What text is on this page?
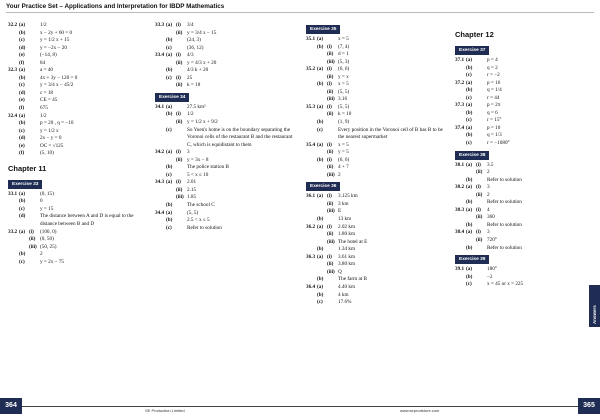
Your Practice Set – Applications and Interpretation for IBDP Mathematics
32.2 (a)	1/2
(b)	x − 2y + 60 = 0
(c)	y = 1/2 x + 15
(d)	y = −2x − 20
(e)	(−14, 8)
(f)	84
32.3 (a)	a = 40
(b)	4x + 3y − 120 = 0
(c)	y = 3/4 x − 45/2
(d)	c = 18
(e)	CE = 45
(f)	675
32.4 (a)	1/2
(b)	p = 20 , q = −10
(c)	y = 1/2 x
(d)	2x − y = 0
(e)	OC = √125
(f)	(5, 10)
Chapter 11
Exercise 33
33.1 (a)	(0, 15)
(b)	0
(c)	y = 15
(d)	The distance between A and D is equal to the distance between B and D
33.2 (a) (i)	(100, 0)
(ii) (0, 50)
(iii) (50, 25)
(b)	2
(c)	y = 2x − 75
33.3 (a) (i)	3/4
(ii) y = 3/4 x − 15
(b)	(24, 3)
(c)	(36, 12)
33.4 (a) (i)	4/3
(ii) y = 4/3 x + 20
(b)	4/3 k + 20
(c) (i)	25
(ii) k = 18
Exercise 34
34.1 (a)	27.5 km²
(b) (i)	1/2
(ii) y = 1/2 x + 9/2
(c)	So Yuen's home is on the boundary separating the Voronoi cells of the restaurant B and the restaurant C, which is equidistant to them
34.2 (a) (i)	3
(ii) y = 3x − 8
(b)	The police station B
(c)	5 < x ≤ 10
34.3 (a) (i)	2.01
(ii) 2.15
(iii) 1.85
(b)	The school C
34.4 (a)	(5, 5)
(b)	2.5 < x ≤ 5
(c)	Refer to solution
Exercise 35
35.1 (a)	x = 5
(b) (i)	(7, 4)
(ii) d = 1
(iii) (5, 3)
35.2 (a) (i)	(6, 6)
(ii) y = x
(b) (i)	x = 5
(ii) (5, 5)
(iii) 3.16
35.3 (a) (i)	(5, 5)
(ii) k = 10
(b)	(1, 9)
(c)	Every position in the Voronoi cell of B has B to be the nearest supermarket
35.4 (a) (i)	x = 5
(ii) y = 5
(b) (i)	(6, 6)
(ii) 4 + 7
(iii) 2
Exercise 36
36.1 (a) (i)	3.125 km
(ii) 3 km
(iii) E
(b)	13 km
36.2 (a) (i)	2.02 km
(ii) 1.80 km
(iii) The hotel at E
(b)	1.34 km
36.3 (a) (i)	3.61 km
(ii) 3.80 km
(iii) Q
(b)	The farm at B
36.4 (a)	4.40 km
(b)	4 km
(c)	17.6%
Chapter 12
Exercise 37
37.1 (a)	p = 4
(b)	q = 2
(c)	r = −2
37.2 (a)	p = 16
(b)	q = 1/4
(c)	r = 44
37.3 (a)	p = 2π
(b)	q = 6
(c)	r = 15°
37.4 (a)	p = 10
(b)	q = 1/3
(c)	r = −1080°
Exercise 38
38.1 (a) (i)	3.5
(ii) 2
(b)	Refer to solution
38.2 (a) (i)	3
(ii) 2
(b)	Refer to solution
38.3 (a) (i)	4
(ii) 360
(b)	Refer to solution
38.4 (a) (i)	3
(ii) 720°
(b)	Refer to solution
Exercise 39
39.1 (a)	180°
(b)	−2
(c)	x = 45 or x = 225
Answers
364	365
SE Production Limited	www.seprodstore.com
